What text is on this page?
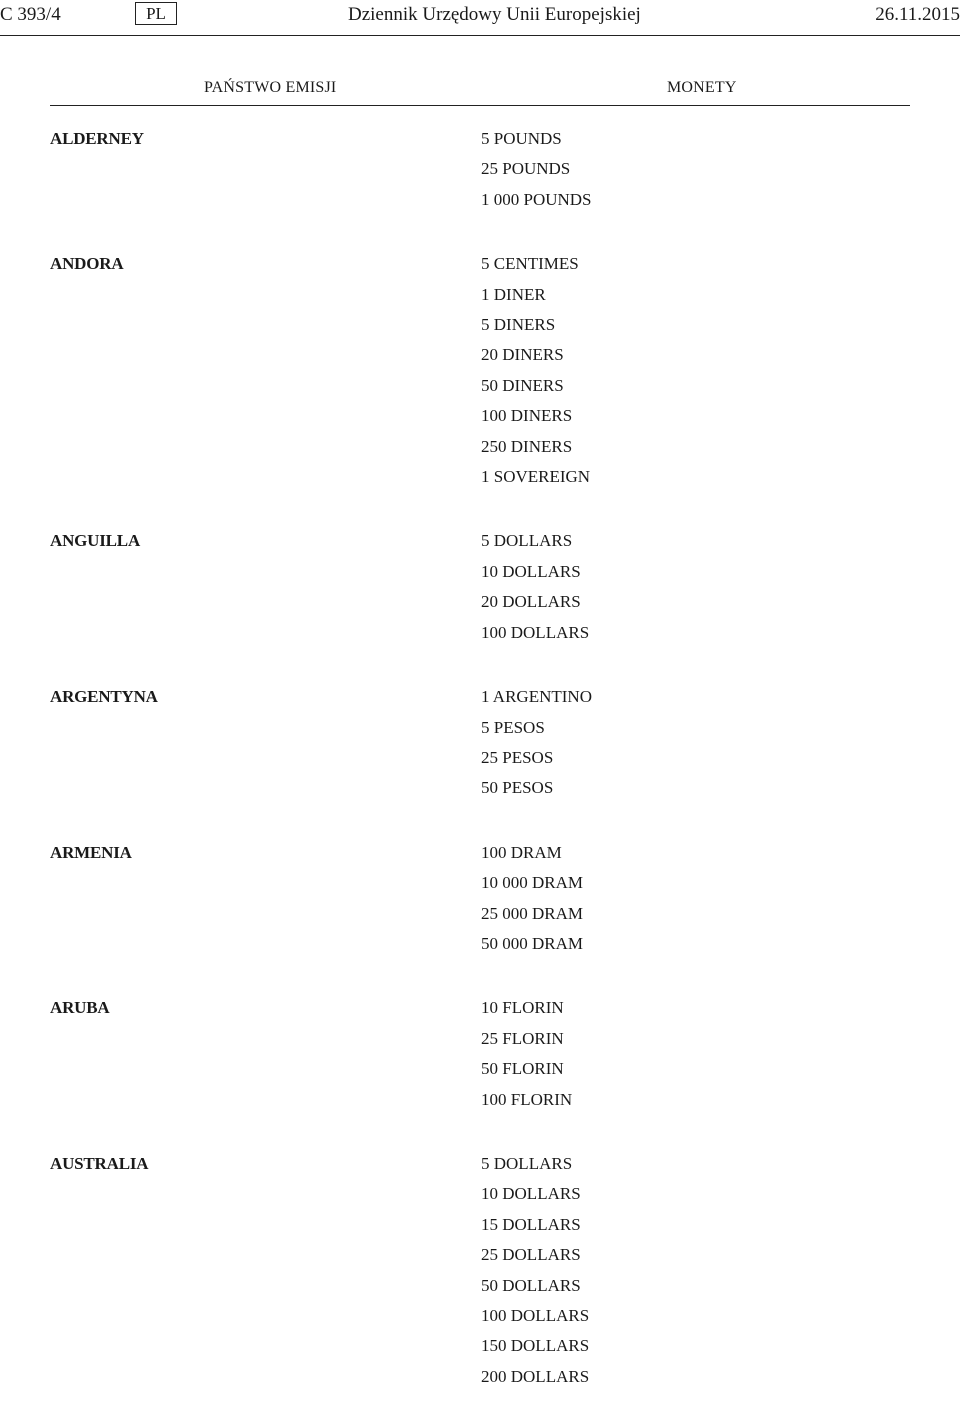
C 393/4	PL	Dziennik Urzędowy Unii Europejskiej	26.11.2015
PAŃSTWO EMISJI	MONETY
ALDERNEY	5 POUNDS
25 POUNDS
1 000 POUNDS
ANDORA	5 CENTIMES
1 DINER
5 DINERS
20 DINERS
50 DINERS
100 DINERS
250 DINERS
1 SOVEREIGN
ANGUILLA	5 DOLLARS
10 DOLLARS
20 DOLLARS
100 DOLLARS
ARGENTYNA	1 ARGENTINO
5 PESOS
25 PESOS
50 PESOS
ARMENIA	100 DRAM
10 000 DRAM
25 000 DRAM
50 000 DRAM
ARUBA	10 FLORIN
25 FLORIN
50 FLORIN
100 FLORIN
AUSTRALIA	5 DOLLARS
10 DOLLARS
15 DOLLARS
25 DOLLARS
50 DOLLARS
100 DOLLARS
150 DOLLARS
200 DOLLARS
